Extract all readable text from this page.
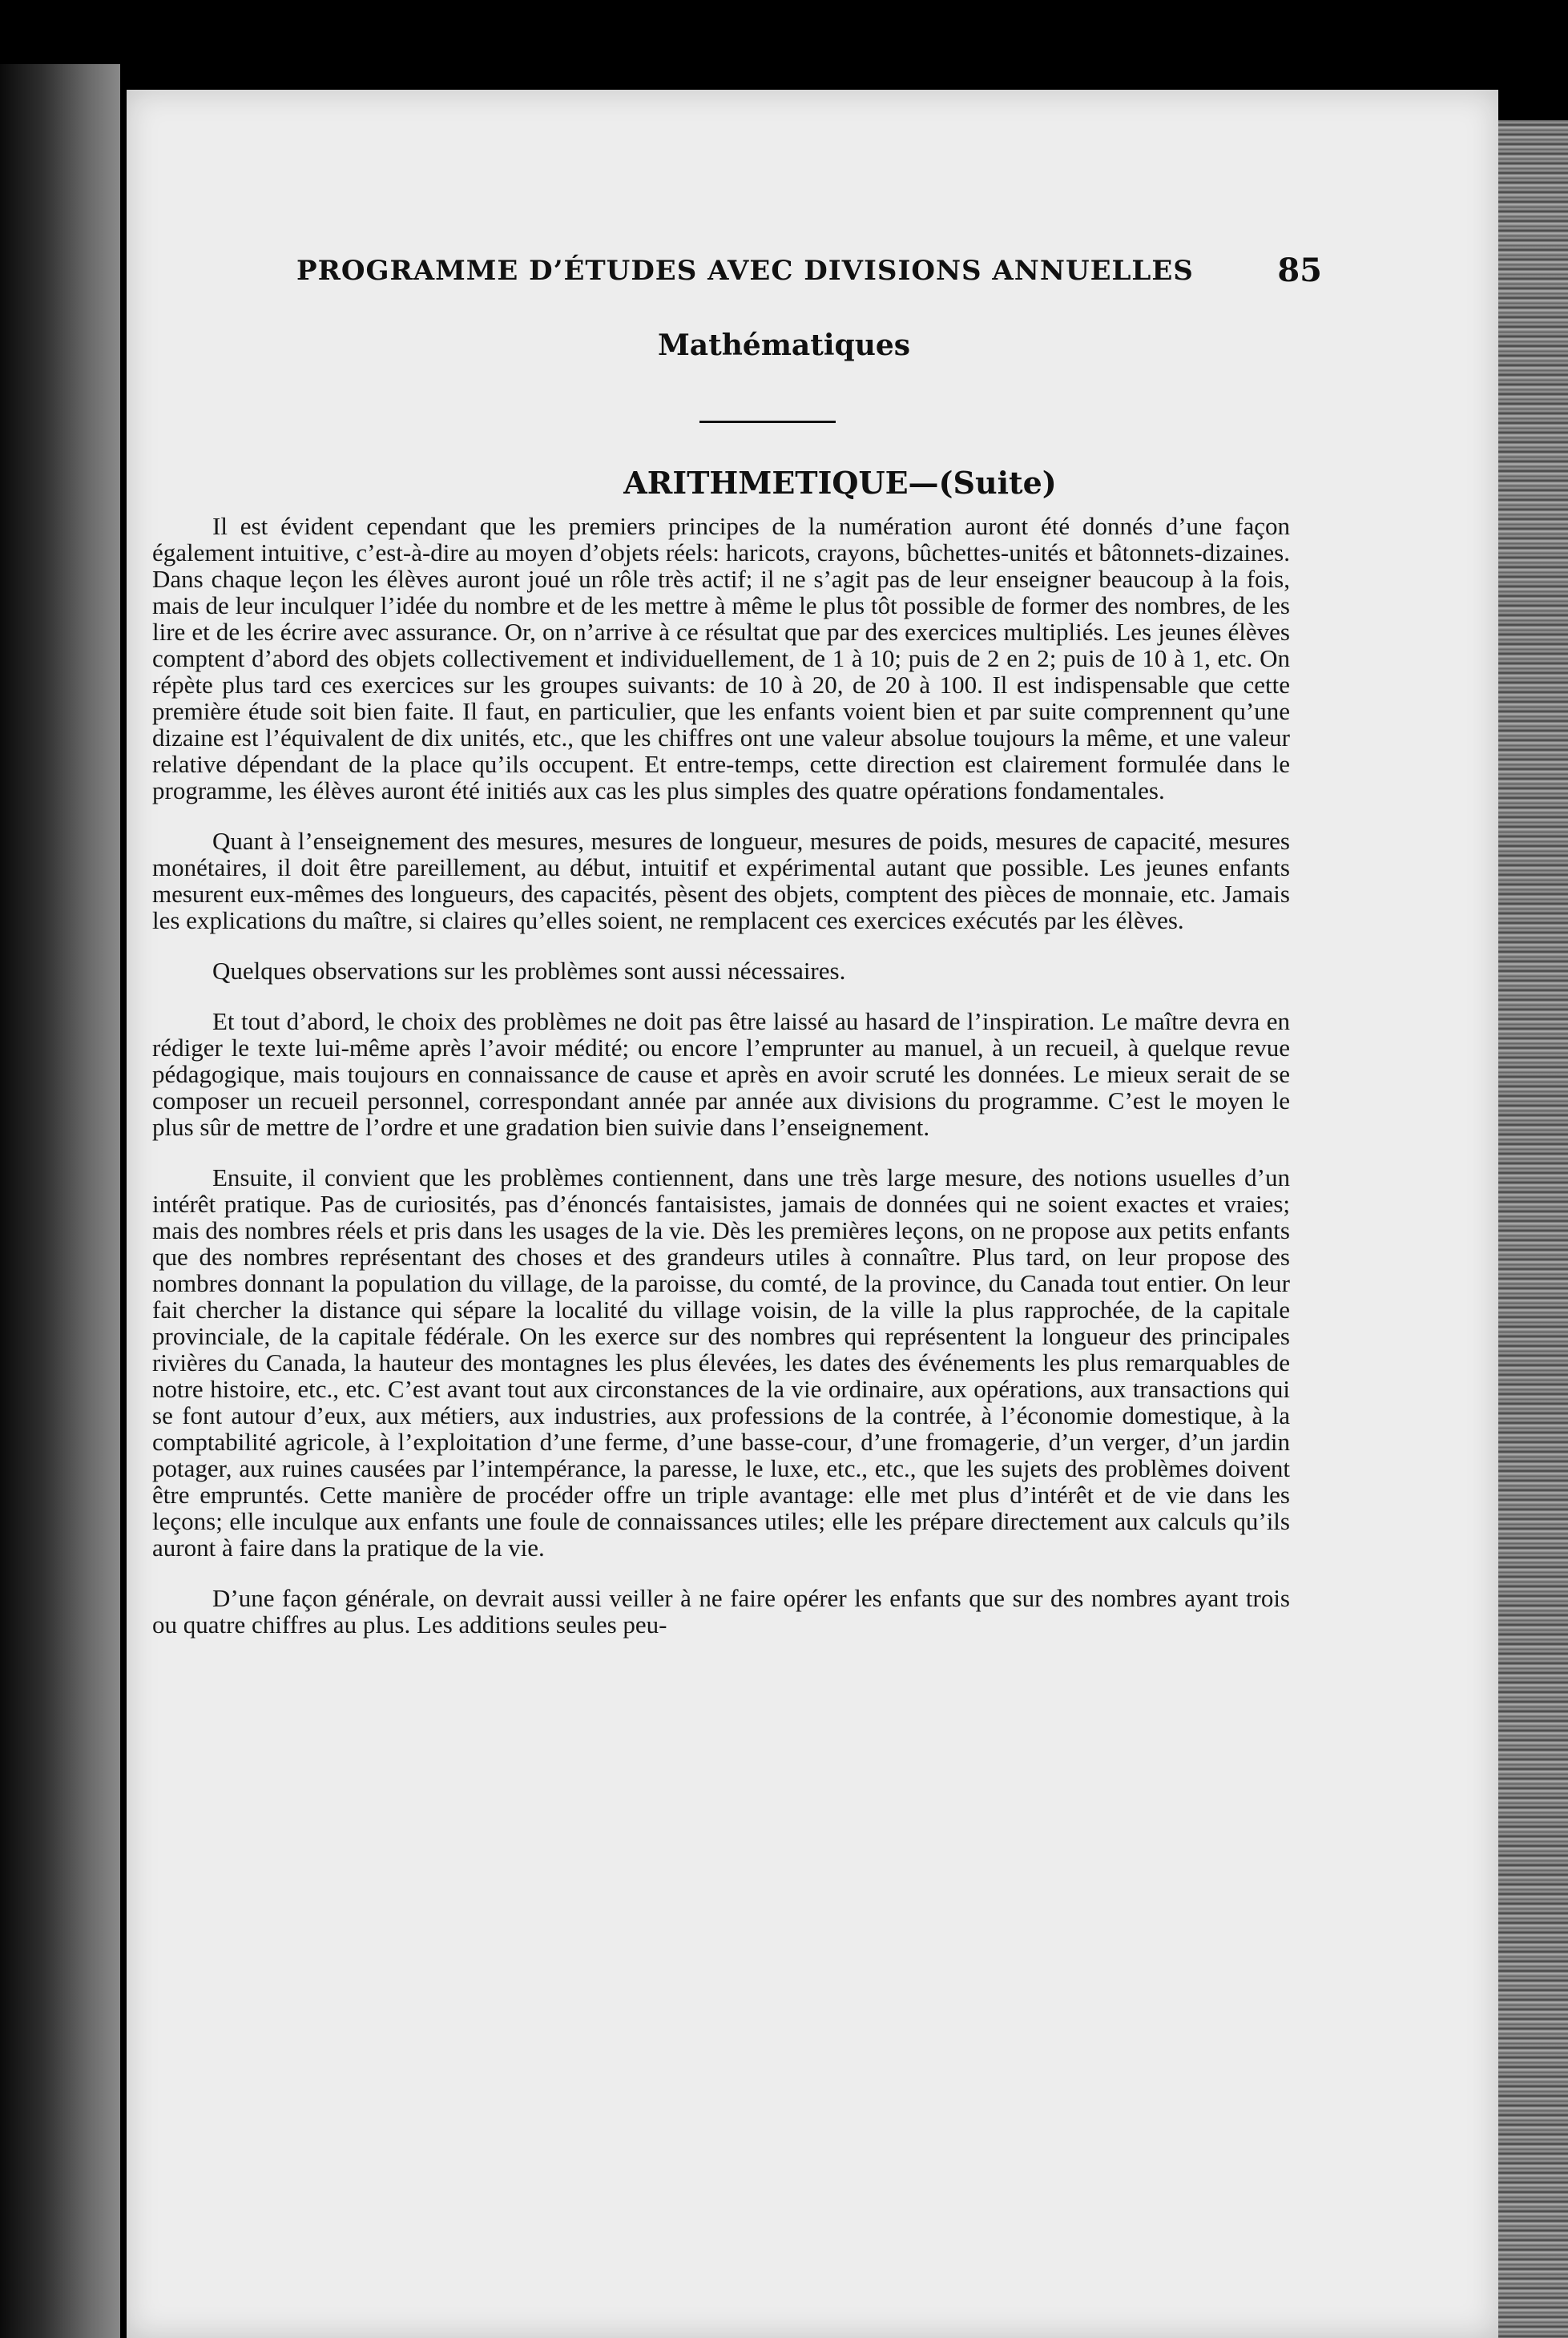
PROGRAMME D’ÉTUDES AVEC DIVISIONS ANNUELLES	85
Mathématiques
ARITHMETIQUE—(Suite)

Il est évident cependant que les premiers principes de la numération auront été donnés d’une façon également intuitive, c’est-à-dire au moyen d’objets réels: haricots, crayons, bûchettes-unités et bâtonnets-dizaines. Dans chaque leçon les élèves auront joué un rôle très actif; il ne s’agit pas de leur enseigner beaucoup à la fois, mais de leur inculquer l’idée du nombre et de les mettre à même le plus tôt possible de former des nombres, de les lire et de les écrire avec assurance. Or, on n’arrive à ce résultat que par des exercices multipliés. Les jeunes élèves comptent d’abord des objets collectivement et individuellement, de 1 à 10; puis de 2 en 2; puis de 10 à 1, etc. On répète plus tard ces exercices sur les groupes suivants: de 10 à 20, de 20 à 100. Il est indispensable que cette première étude soit bien faite. Il faut, en particulier, que les enfants voient bien et par suite comprennent qu’une dizaine est l’équivalent de dix unités, etc., que les chiffres ont une valeur absolue toujours la même, et une valeur relative dépendant de la place qu’ils occupent. Et entre-temps, cette direction est clairement formulée dans le programme, les élèves auront été initiés aux cas les plus simples des quatre opérations fondamentales.

Quant à l’enseignement des mesures, mesures de longueur, mesures de poids, mesures de capacité, mesures monétaires, il doit être pareillement, au début, intuitif et expérimental autant que possible. Les jeunes enfants mesurent eux-mêmes des longueurs, des capacités, pèsent des objets, comptent des pièces de monnaie, etc. Jamais les explications du maître, si claires qu’elles soient, ne remplacent ces exercices exécutés par les élèves.

Quelques observations sur les problèmes sont aussi nécessaires.

Et tout d’abord, le choix des problèmes ne doit pas être laissé au hasard de l’inspiration. Le maître devra en rédiger le texte lui-même après l’avoir médité; ou encore l’emprunter au manuel, à un recueil, à quelque revue pédagogique, mais toujours en connaissance de cause et après en avoir scruté les données. Le mieux serait de se composer un recueil personnel, correspondant année par année aux divisions du programme. C’est le moyen le plus sûr de mettre de l’ordre et une gradation bien suivie dans l’enseignement.

Ensuite, il convient que les problèmes contiennent, dans une très large mesure, des notions usuelles d’un intérêt pratique. Pas de curiosités, pas d’énoncés fantaisistes, jamais de données qui ne soient exactes et vraies; mais des nombres réels et pris dans les usages de la vie. Dès les premières leçons, on ne propose aux petits enfants que des nombres représentant des choses et des grandeurs utiles à connaître. Plus tard, on leur propose des nombres donnant la population du village, de la paroisse, du comté, de la province, du Canada tout entier. On leur fait chercher la distance qui sépare la localité du village voisin, de la ville la plus rapprochée, de la capitale provinciale, de la capitale fédérale. On les exerce sur des nombres qui représentent la longueur des principales rivières du Canada, la hauteur des montagnes les plus élevées, les dates des événements les plus remarquables de notre histoire, etc., etc. C’est avant tout aux circonstances de la vie ordinaire, aux opérations, aux transactions qui se font autour d’eux, aux métiers, aux industries, aux professions de la contrée, à l’économie domestique, à la comptabilité agricole, à l’exploitation d’une ferme, d’une basse-cour, d’une fromagerie, d’un verger, d’un jardin potager, aux ruines causées par l’intempérance, la paresse, le luxe, etc., etc., que les sujets des problèmes doivent être empruntés. Cette manière de procéder offre un triple avantage: elle met plus d’intérêt et de vie dans les leçons; elle inculque aux enfants une foule de connaissances utiles; elle les prépare directement aux calculs qu’ils auront à faire dans la pratique de la vie.

D’une façon générale, on devrait aussi veiller à ne faire opérer les enfants que sur des nombres ayant trois ou quatre chiffres au plus. Les additions seules peu-
